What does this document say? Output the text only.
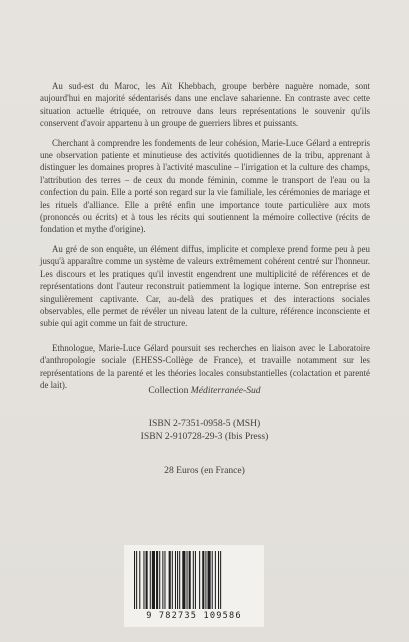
Au sud-est du Maroc, les Aït Khebbach, groupe berbère naguère nomade, sont aujourd'hui en majorité sédentarisés dans une enclave saharienne. En contraste avec cette situation actuelle étriquée, on retrouve dans leurs représentations le souvenir qu'ils conservent d'avoir appartenu à un groupe de guerriers libres et puissants.

Cherchant à comprendre les fondements de leur cohésion, Marie-Luce Gélard a entrepris une observation patiente et minutieuse des activités quotidiennes de la tribu, apprenant à distinguer les domaines propres à l'activité masculine – l'irrigation et la culture des champs, l'attribution des terres – de ceux du monde féminin, comme le transport de l'eau ou la confection du pain. Elle a porté son regard sur la vie familiale, les cérémonies de mariage et les rituels d'alliance. Elle a prêté enfin une importance toute particulière aux mots (prononcés ou écrits) et à tous les récits qui soutiennent la mémoire collective (récits de fondation et mythe d'origine).

Au gré de son enquête, un élément diffus, implicite et complexe prend forme peu à peu jusqu'à apparaître comme un système de valeurs extrêmement cohérent centré sur l'honneur. Les discours et les pratiques qu'il investit engendrent une multiplicité de références et de représentations dont l'auteur reconstruit patiemment la logique interne. Son entreprise est singulièrement captivante. Car, au-delà des pratiques et des interactions sociales observables, elle permet de révéler un niveau latent de la culture, référence inconsciente et subie qui agit comme un fait de structure.

Ethnologue, Marie-Luce Gélard poursuit ses recherches en liaison avec le Laboratoire d'anthropologie sociale (EHESS-Collège de France), et travaille notamment sur les représentations de la parenté et les théories locales consubstantielles (colactation et parenté de lait).

Collection Méditerranée-Sud
ISBN 2-7351-0958-5 (MSH)
ISBN 2-910728-29-3 (Ibis Press)
28 Euros (en France)
9 782735 109586
